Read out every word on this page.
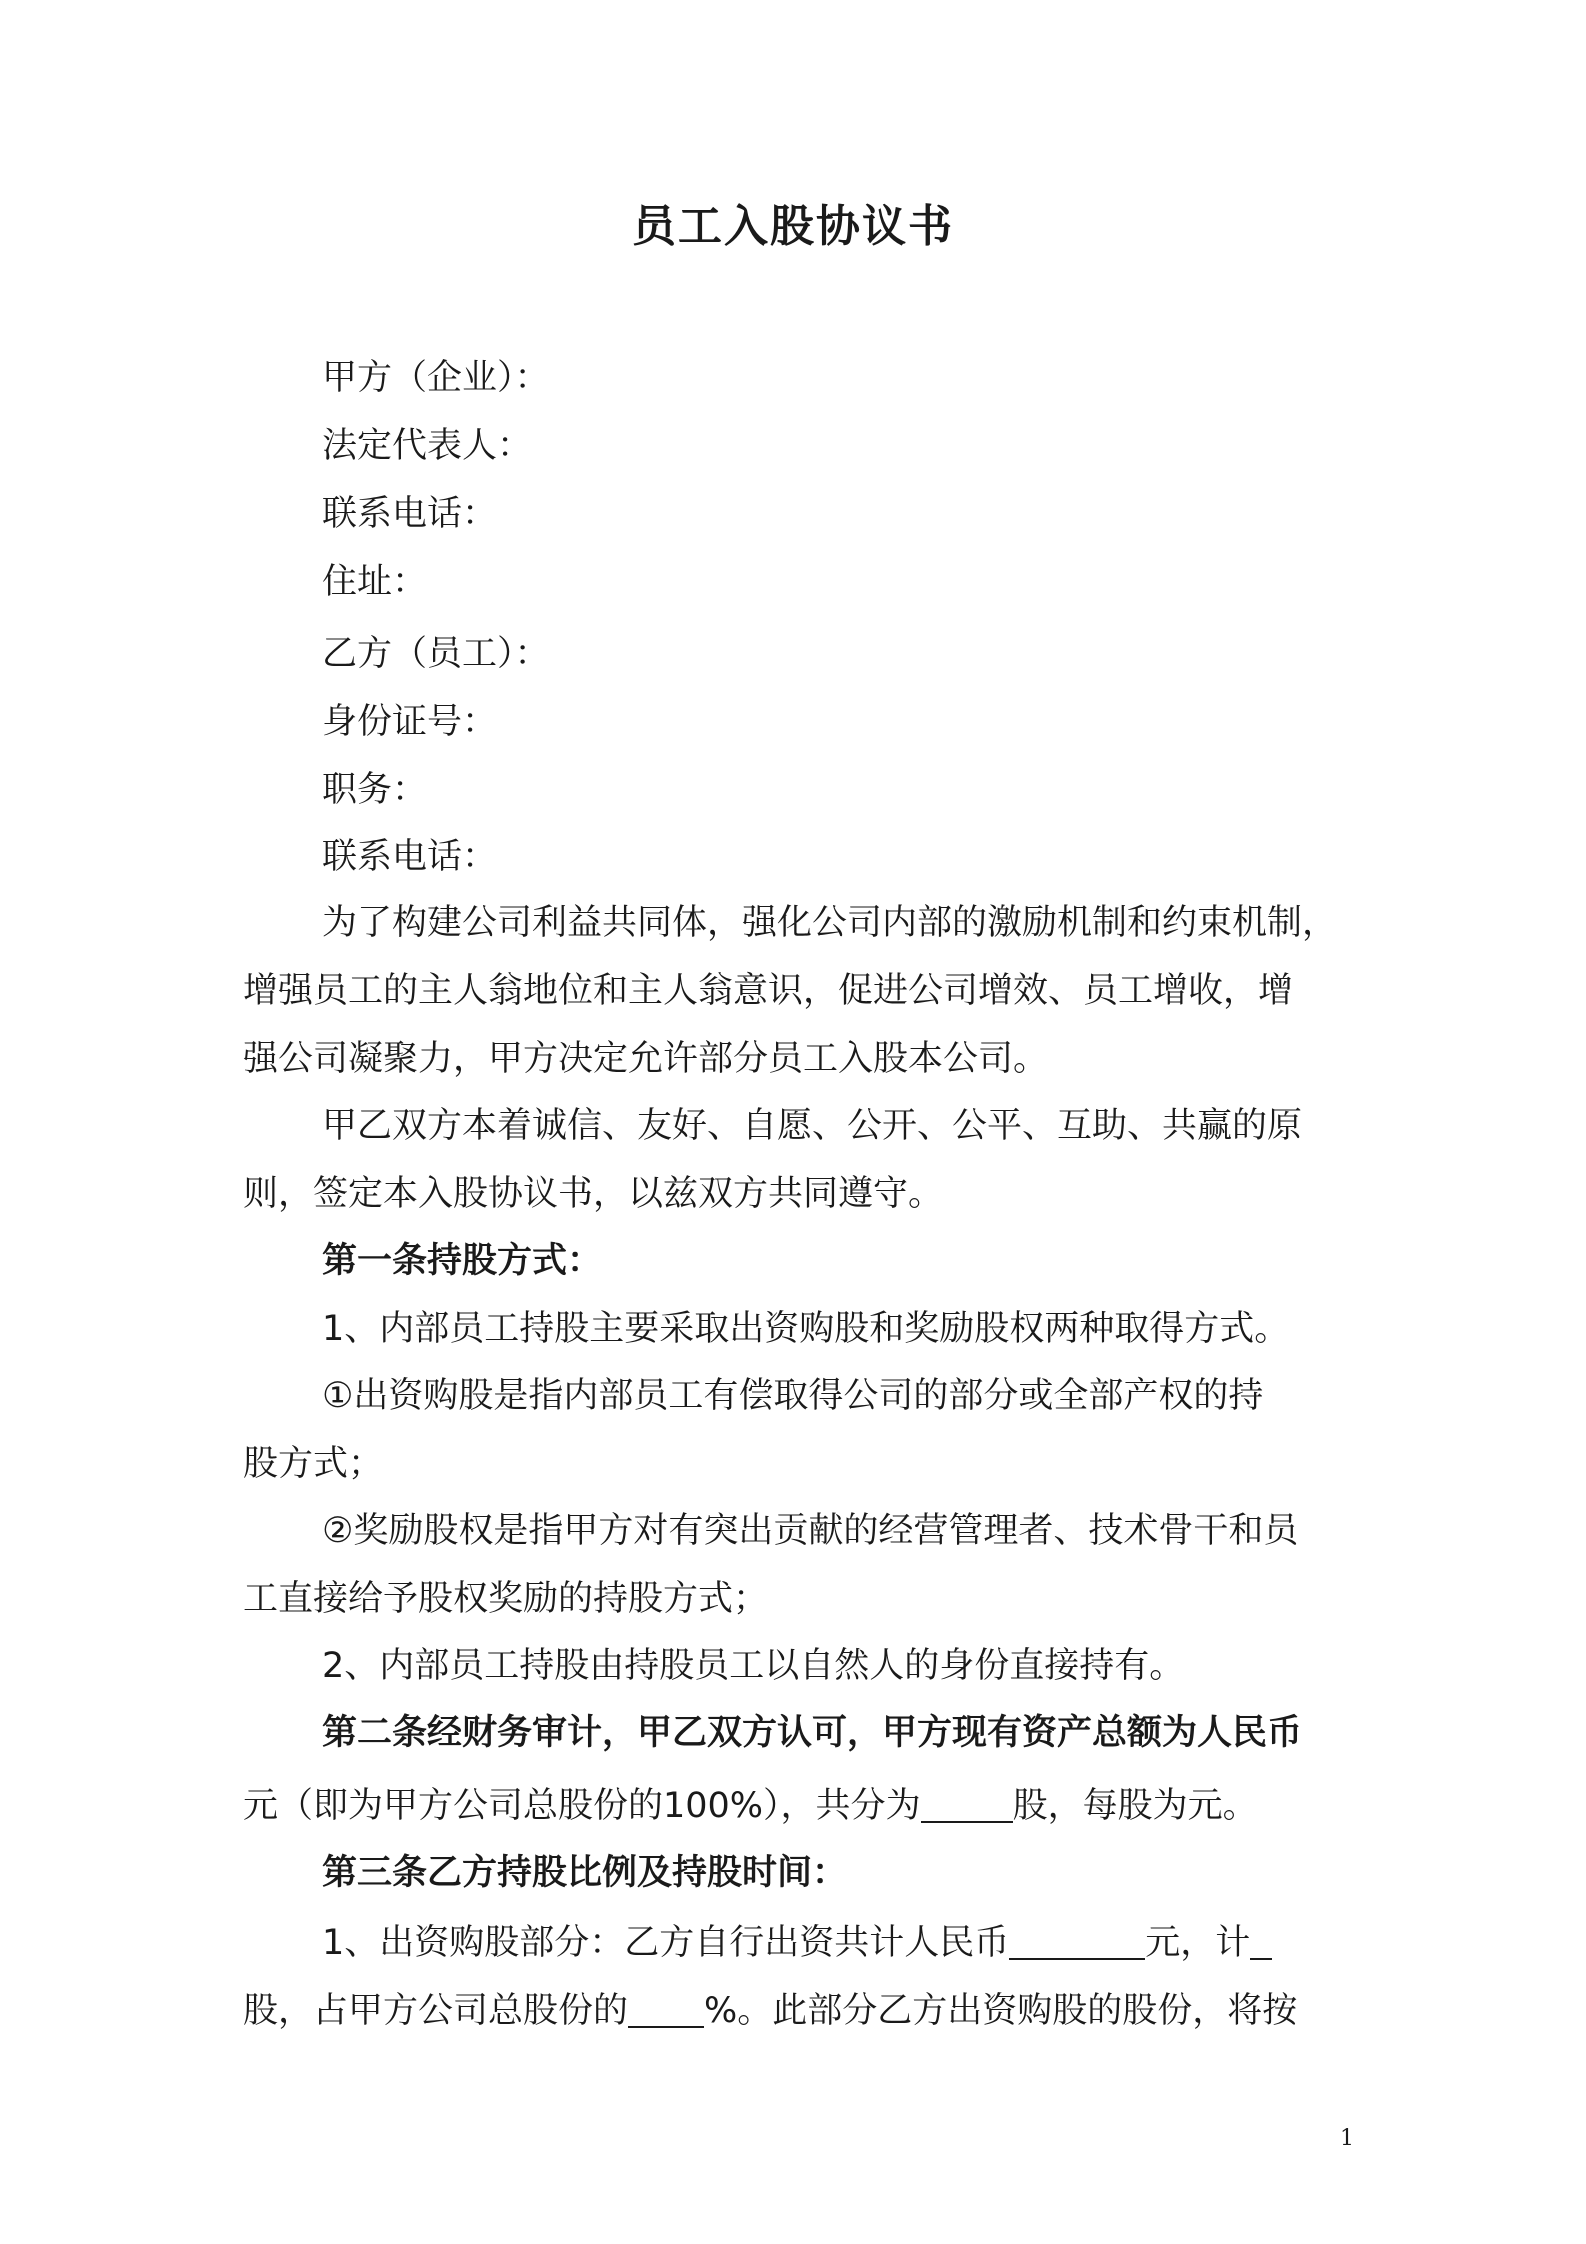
员工入股协议书
甲方（企业）：
法定代表人：
联系电话：
住址：
乙方（员工）：
身份证号：
职务：
联系电话：
为了构建公司利益共同体，强化公司内部的激励机制和约束机制，
增强员工的主人翁地位和主人翁意识，促进公司增效、员工增收，增
强公司凝聚力，甲方决定允许部分员工入股本公司。
甲乙双方本着诚信、友好、自愿、公开、公平、互助、共赢的原
则，签定本入股协议书，以兹双方共同遵守。
第一条持股方式：
1、内部员工持股主要采取出资购股和奖励股权两种取得方式。
①出资购股是指内部员工有偿取得公司的部分或全部产权的持
股方式；
②奖励股权是指甲方对有突出贡献的经营管理者、技术骨干和员
工直接给予股权奖励的持股方式；
2、内部员工持股由持股员工以自然人的身份直接持有。
第二条经财务审计，甲乙双方认可，甲方现有资产总额为人民币
元（即为甲方公司总股份的100%），共分为	股，每股为元。
第三条乙方持股比例及持股时间：
1、出资购股部分：乙方自行出资共计人民币	元，计
股，占甲方公司总股份的 %。此部分乙方出资购股的股份，将按
1
